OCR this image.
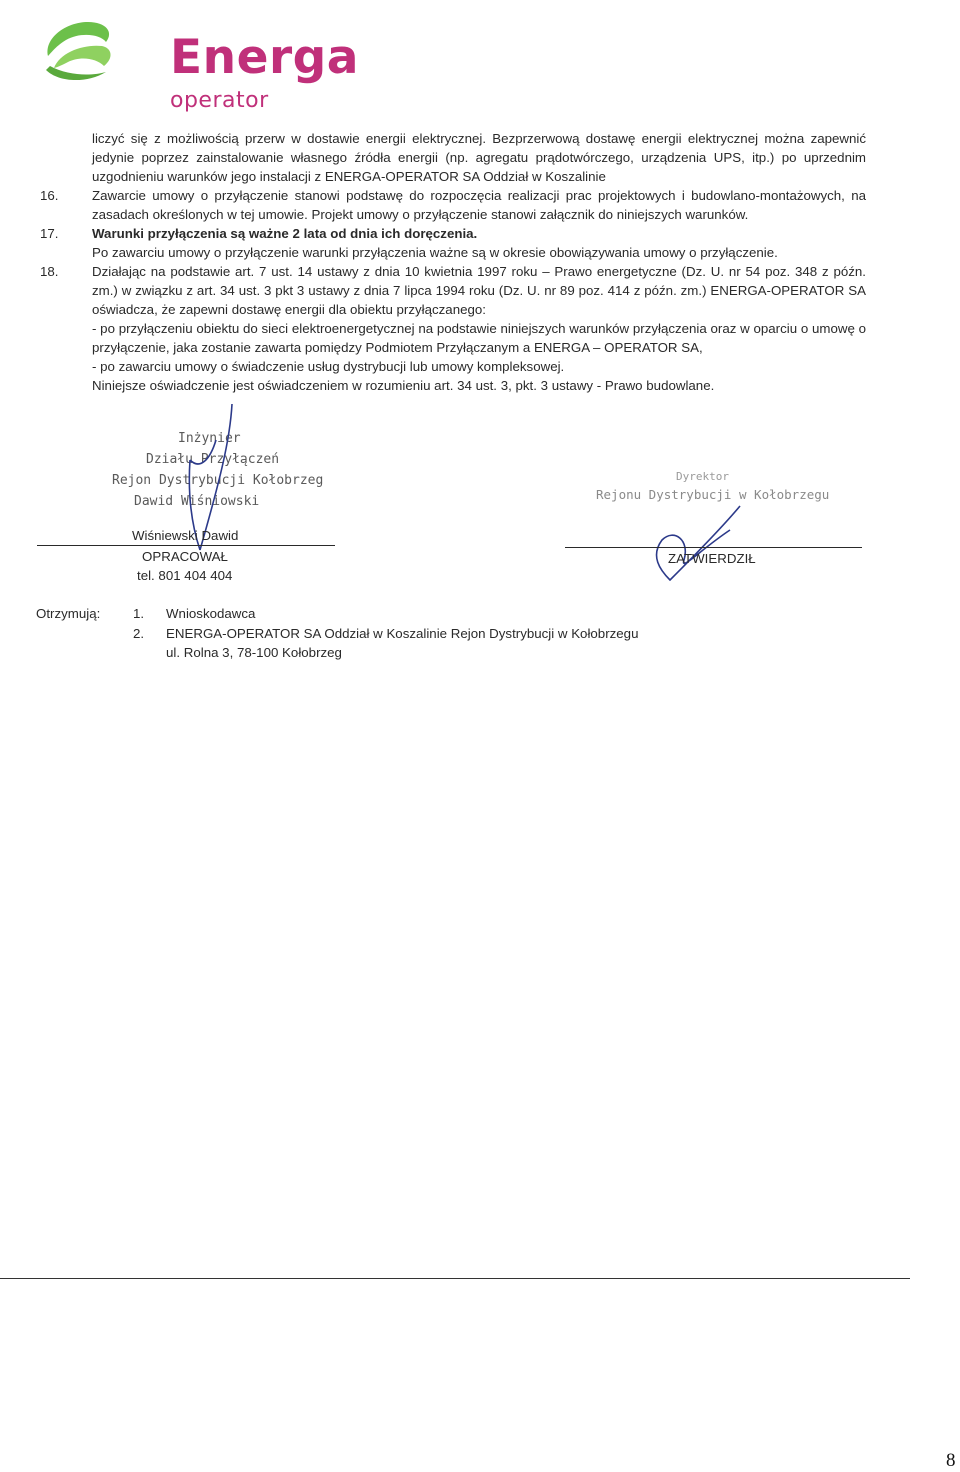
Energa
operator
liczyć się z możliwością przerw w dostawie energii elektrycznej. Bezprzerwową dostawę energii elektrycznej można zapewnić jedynie poprzez zainstalowanie własnego źródła energii (np. agregatu prądotwórczego, urządzenia UPS, itp.) po uprzednim uzgodnieniu warunków jego instalacji z ENERGA-OPERATOR SA Oddział w Koszalinie
16.	Zawarcie umowy o przyłączenie stanowi podstawę do rozpoczęcia realizacji prac projektowych i budowlano-montażowych, na zasadach określonych w tej umowie. Projekt umowy o przyłączenie stanowi załącznik do niniejszych warunków.
17.	Warunki przyłączenia są ważne 2 lata od dnia ich doręczenia.

Po zawarciu umowy o przyłączenie warunki przyłączenia ważne są w okresie obowiązywania umowy o przyłączenie.

18.	Działając na podstawie art. 7 ust. 14 ustawy z dnia 10 kwietnia 1997 roku – Prawo energetyczne (Dz. U. nr 54 poz. 348 z późn. zm.) w związku z art. 34 ust. 3 pkt 3 ustawy z dnia 7 lipca 1994 roku (Dz. U. nr 89 poz. 414 z późn. zm.) ENERGA-OPERATOR SA oświadcza, że zapewni dostawę energii dla obiektu przyłączanego:

- po przyłączeniu obiektu do sieci elektroenergetycznej na podstawie niniejszych warunków przyłączenia oraz w oparciu o umowę o przyłączenie, jaka zostanie zawarta pomiędzy Podmiotem Przyłączanym a ENERGA – OPERATOR SA,

- po zawarciu umowy o świadczenie usług dystrybucji lub umowy kompleksowej.

Niniejsze oświadczenie jest oświadczeniem w rozumieniu art. 34 ust. 3, pkt. 3 ustawy - Prawo budowlane.

Inżynier
Działu Przyłączeń
Rejon Dystrybucji Kołobrzeg
Dawid Wiśniowski
Wiśniewski Dawid
OPRACOWAŁ
tel. 801 404 404
Dyrektor
Rejonu Dystrybucji w Kołobrzegu
ZATWIERDZIŁ
Otrzymują: 1. Wnioskodawca
2. ENERGA-OPERATOR SA Oddział w Koszalinie Rejon Dystrybucji w Kołobrzegu
ul. Rolna 3, 78-100 Kołobrzeg
8
